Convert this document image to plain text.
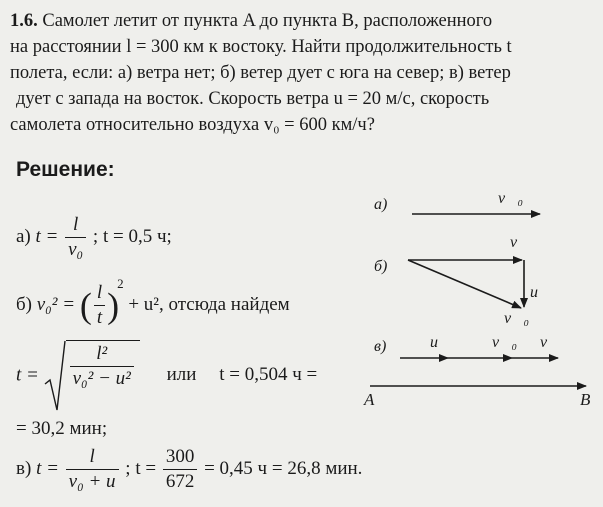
1.6. Самолет летит от пункта A до пункта B, расположенного
на расстоянии l = 300 км к востоку. Найти продолжительность t
полета, если: а) ветра нет; б) ветер дует с юга на север; в) ветер
дует с запада на восток. Скорость ветра u = 20 м/с, скорость
самолета относительно воздуха v₀ = 600 км/ч?
Решение:
а) $t = \frac{l}{\text{v₀}}$ ; t = 0,5 ч;
б) v₀² = ( $\frac{l}{t} )^2 + u^2$, отсюда найдем
$t = \frac{\text{l²}}{\text{v₀² − u²}}$ или t = 0,504 ч =
= 30,2 мин;
в) $t = \frac{l}{\text{v₀ + u}}$ ; $t = \frac{300}{672} = 0,45$ ч = 26,8 мин.
а)	v⃗₀
б)
v⃗
u⃗
v⃗₀
в)	u⃗	v⃗₀ v⃗
A	B
